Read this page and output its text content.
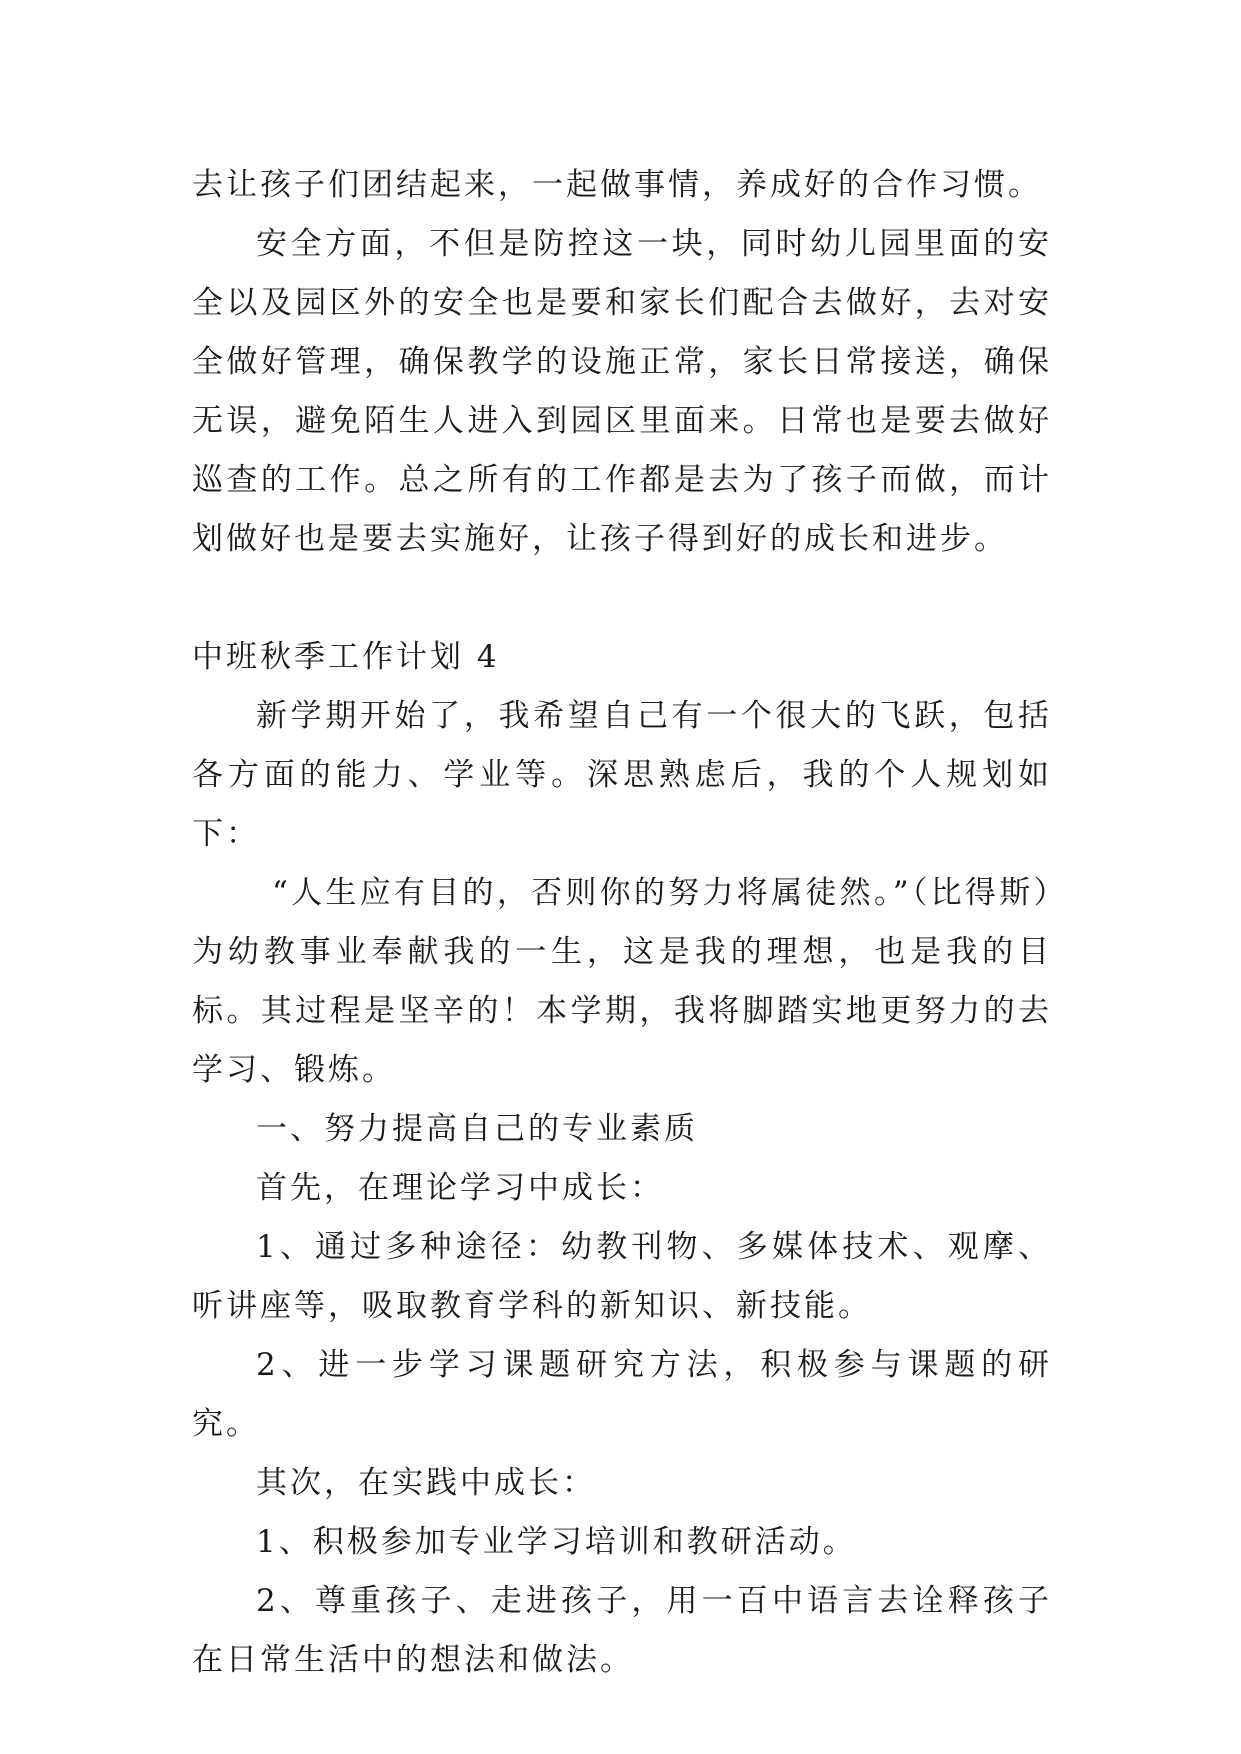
去让孩子们团结起来，一起做事情，养成好的合作习惯。

安全方面，不但是防控这一块，同时幼儿园里面的安全以及园区外的安全也是要和家长们配合去做好，去对安全做好管理，确保教学的设施正常，家长日常接送，确保无误，避免陌生人进入到园区里面来。日常也是要去做好巡查的工作。总之所有的工作都是去为了孩子而做，而计划做好也是要去实施好，让孩子得到好的成长和进步。

中班秋季工作计划 4

新学期开始了，我希望自己有一个很大的飞跃，包括各方面的能力、学业等。深思熟虑后，我的个人规划如下：

“人生应有目的，否则你的努力将属徒然。”（比得斯）为幼教事业奉献我的一生，这是我的理想，也是我的目标。其过程是坚辛的！本学期，我将脚踏实地更努力的去学习、锻炼。

一、努力提高自己的专业素质

首先，在理论学习中成长：

1、通过多种途径：幼教刊物、多媒体技术、观摩、听讲座等，吸取教育学科的新知识、新技能。

2、进一步学习课题研究方法，积极参与课题的研究。

其次，在实践中成长：

1、积极参加专业学习培训和教研活动。

2、尊重孩子、走进孩子，用一百中语言去诠释孩子在日常生活中的想法和做法。
